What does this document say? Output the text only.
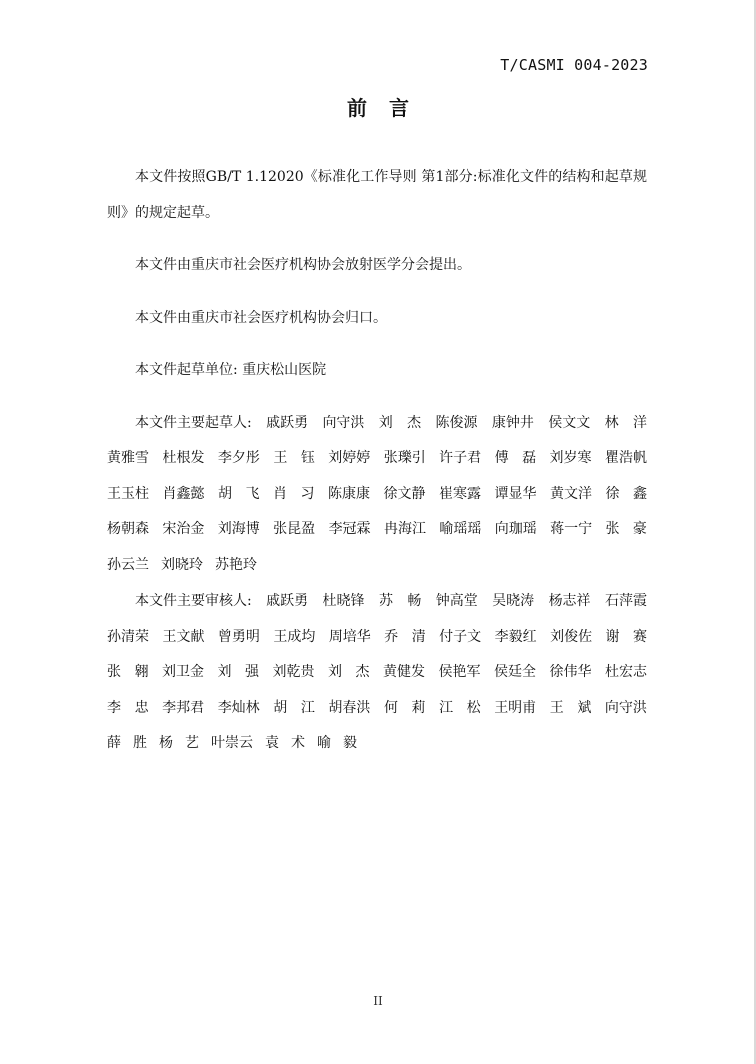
T/CASMI 004-2023
前言

本文件按照GB/T 1.12020《标准化工作导则 第1部分:标准化文件的结构和起草规则》的规定起草。

本文件由重庆市社会医疗机构协会放射医学分会提出。

本文件由重庆市社会医疗机构协会归口。

本文件起草单位: 重庆松山医院

本文件主要起草人: 戚跃勇 向守洪 刘 杰 陈俊源 康钟井 侯文文 林 洋
黄雅雪 杜根发 李夕彤 王 钰 刘婷婷 张瓅引 许子君 傅 磊 刘岁寒 瞿浩帆
王玉柱 肖鑫懿 胡 飞 肖 习 陈康康 徐文静 崔寒露 谭显华 黄文洋 徐 鑫
杨朝森 宋治金 刘海博 张昆盈 李冠霖 冉海江 喻瑶瑶 向珈瑶 蒋一宁 张 豪
孙云兰 刘晓玲 苏艳玲
本文件主要审核人: 戚跃勇 杜晓锋 苏 畅 钟高堂 吴晓涛 杨志祥 石萍霞
孙清荣 王文献 曾勇明 王成均 周培华 乔 清 付子文 李毅红 刘俊佐 谢 赛
张 翱 刘卫金 刘 强 刘乾贵 刘 杰 黄健发 侯艳军 侯廷全 徐伟华 杜宏志
李 忠 李邦君 李灿林 胡 江 胡春洪 何 莉 江 松 王明甫 王 斌 向守洪
薛 胜 杨 艺 叶崇云 袁 术 喻 毅
II
